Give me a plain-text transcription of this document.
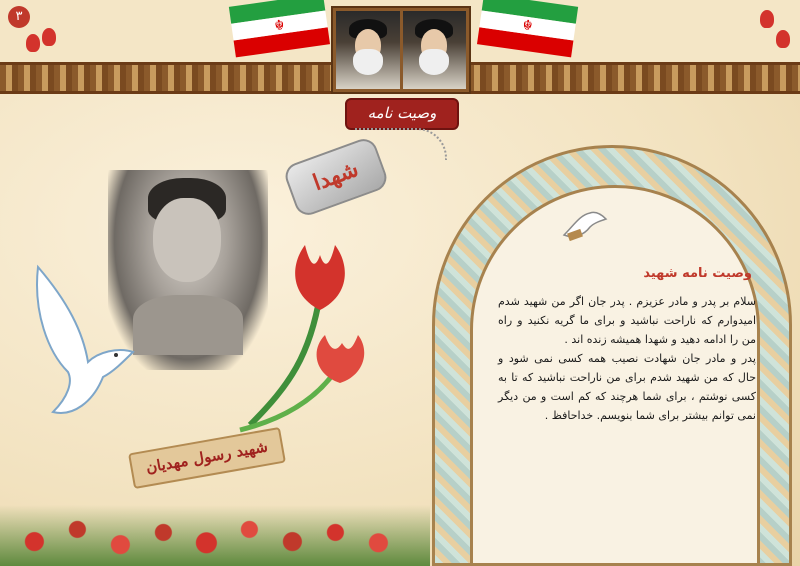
۳
☬	☬
وصیت نامه
شهدا
شهید رسول مهدیان
وصیت نامه شهید

سلام بر پدر و مادر عزیزم . پدر جان اگر من شهید شدم امیدوارم که ناراحت نباشید و برای ما گریه نکنید و راه من را ادامه دهید و شهدا همیشه زنده اند .

پدر و مادر جان شهادت نصیب همه کسی نمی شود و حال که من شهید شدم برای من ناراحت نباشید که تا به کسی نوشتم ، برای شما هرچند که کم است و من دیگر نمی توانم بیشتر برای شما بنویسم. خداحافظ .
